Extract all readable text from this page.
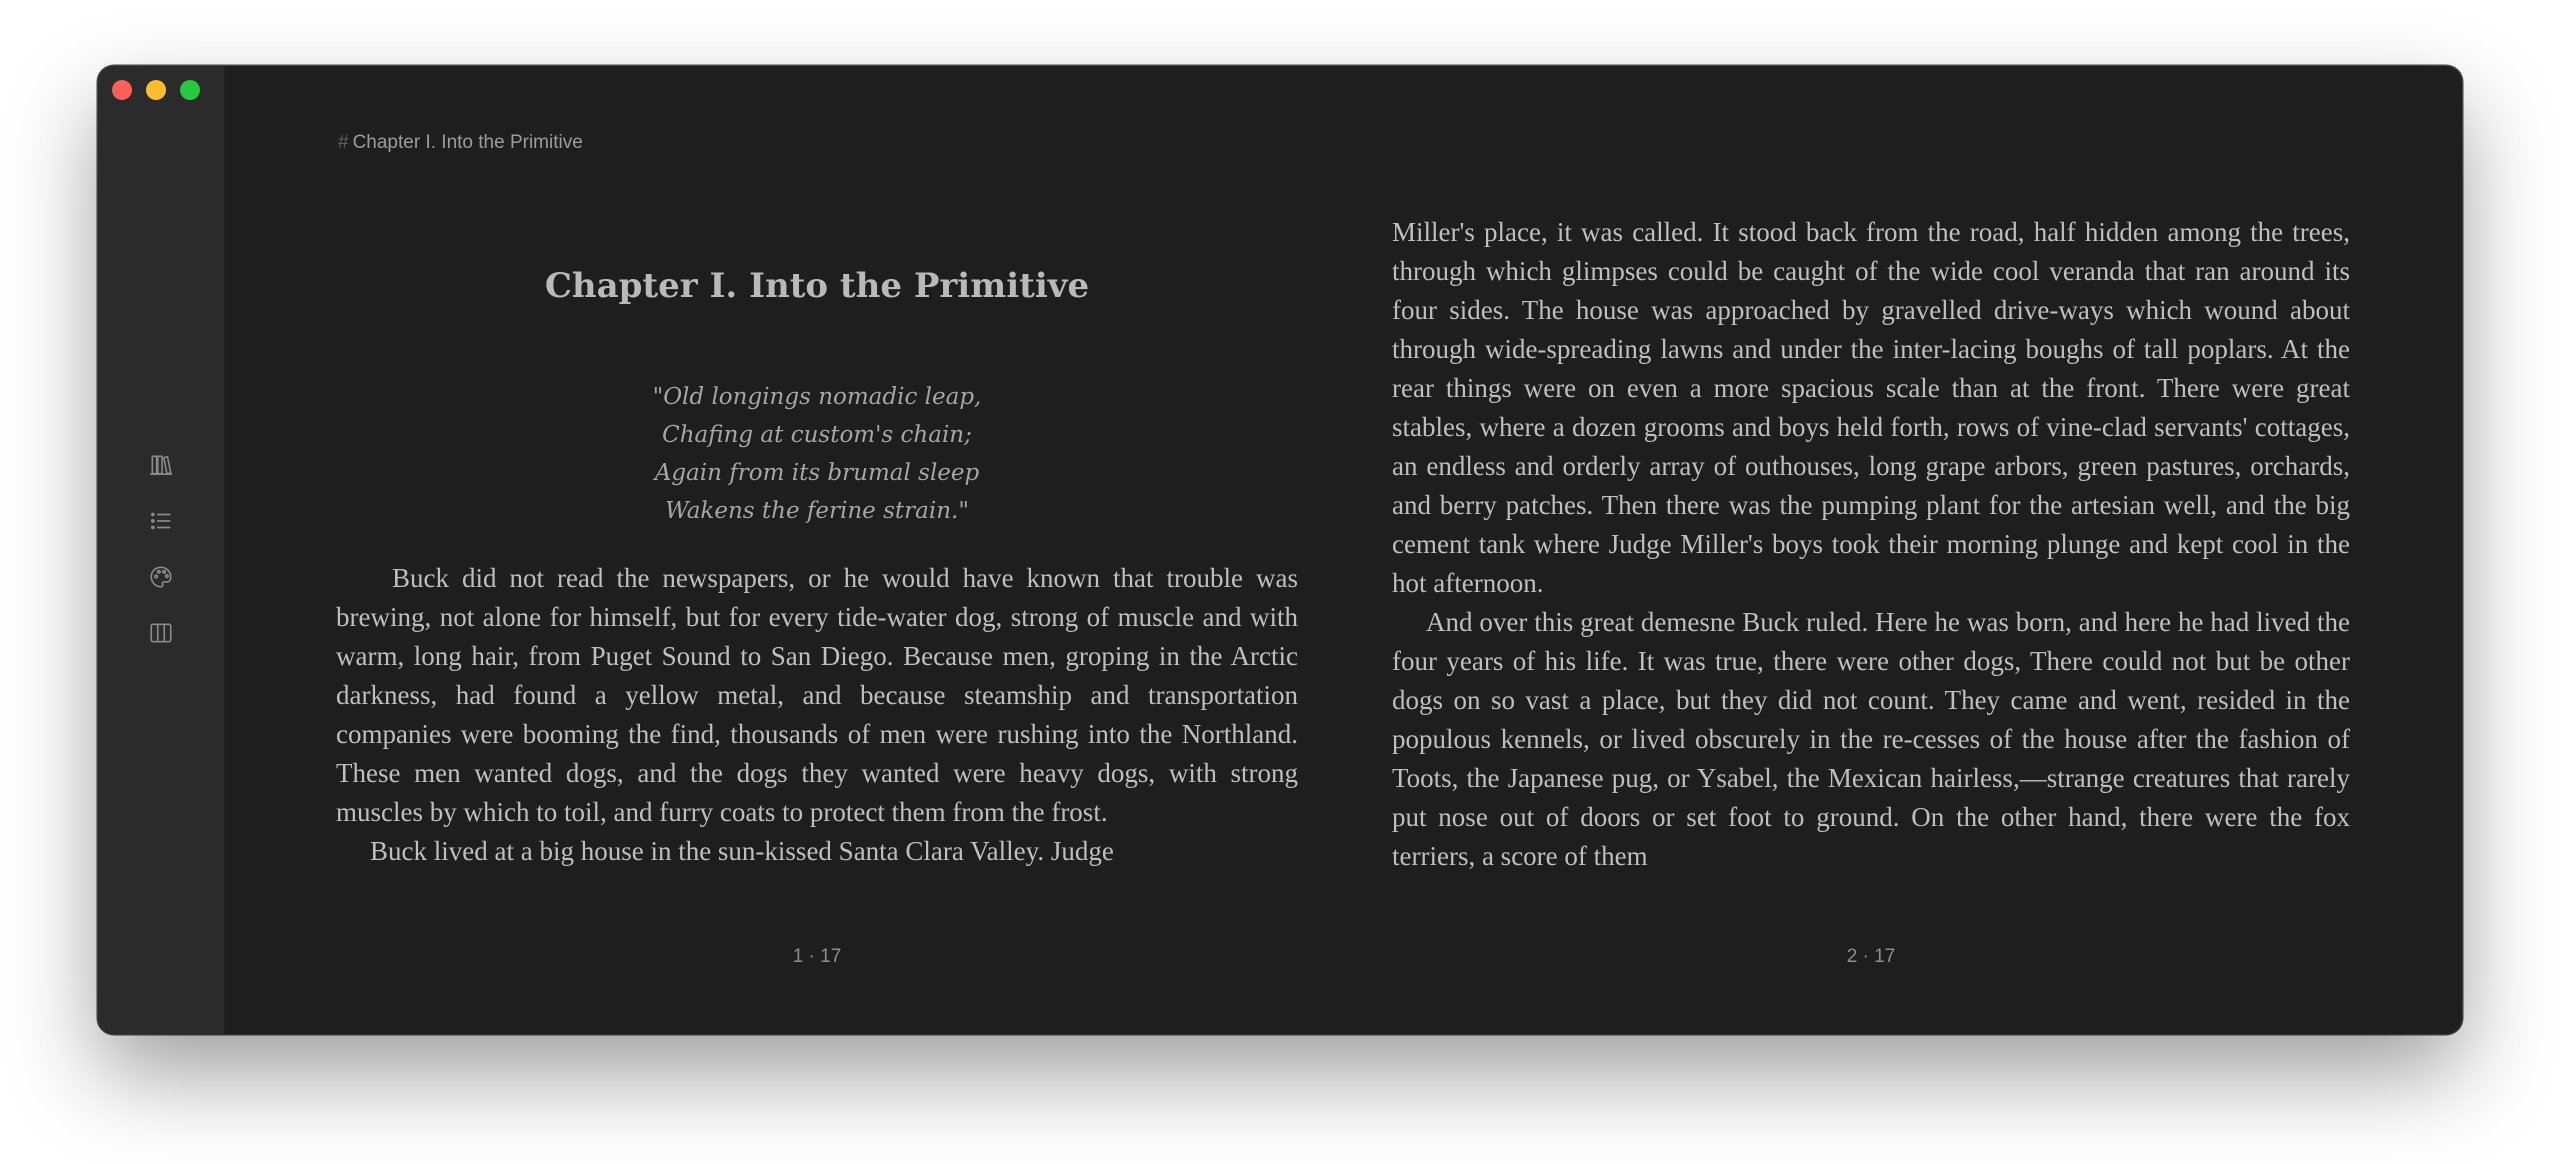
# Chapter I. Into the Primitive
Chapter I. Into the Primitive
"Old longings nomadic leap,
Chafing at custom's chain;
Again from its brumal sleep
Wakens the ferine strain."

Buck did not read the newspapers, or he would have known that trouble was brewing, not alone for himself, but for every tide-water dog, strong of muscle and with warm, long hair, from Puget Sound to San Diego. Because men, groping in the Arctic darkness, had found a yellow metal, and because steamship and transportation companies were booming the find, thousands of men were rushing into the Northland. These men wanted dogs, and the dogs they wanted were heavy dogs, with strong muscles by which to toil, and furry coats to protect them from the frost.

Buck lived at a big house in the sun-kissed Santa Clara Valley. Judge

1 · 17

Miller's place, it was called. It stood back from the road, half hidden among the trees, through which glimpses could be caught of the wide cool veranda that ran around its four sides. The house was approached by gravelled drive-ways which wound about through wide-spreading lawns and under the inter-lacing boughs of tall poplars. At the rear things were on even a more spacious scale than at the front. There were great stables, where a dozen grooms and boys held forth, rows of vine-clad servants' cottages, an endless and orderly array of outhouses, long grape arbors, green pastures, orchards, and berry patches. Then there was the pumping plant for the artesian well, and the big cement tank where Judge Miller's boys took their morning plunge and kept cool in the hot afternoon.

And over this great demesne Buck ruled. Here he was born, and here he had lived the four years of his life. It was true, there were other dogs, There could not but be other dogs on so vast a place, but they did not count. They came and went, resided in the populous kennels, or lived obscurely in the re-cesses of the house after the fashion of Toots, the Japanese pug, or Ysabel, the Mexican hairless,—strange creatures that rarely put nose out of doors or set foot to ground. On the other hand, there were the fox terriers, a score of them

2 · 17
